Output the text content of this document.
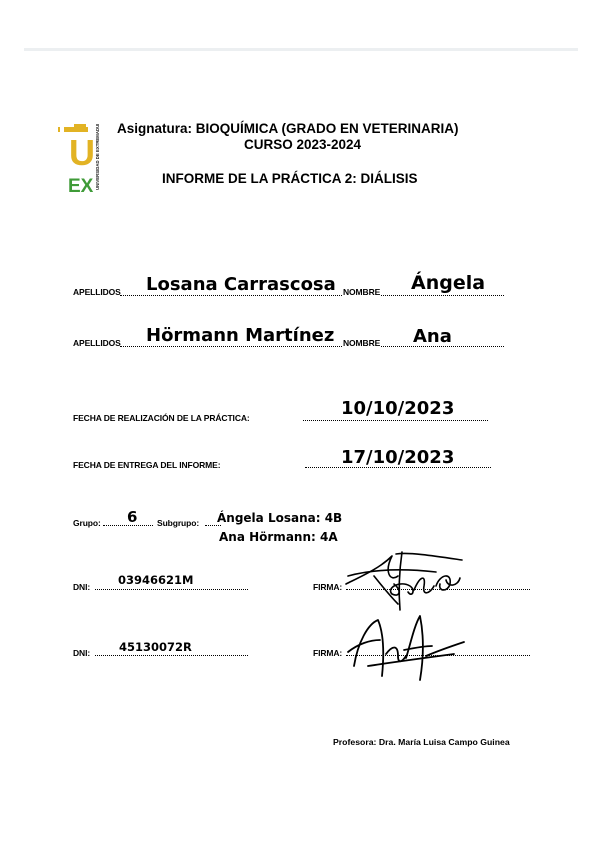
U
EX UNIVERSIDAD DE EXTREMADURA Asignatura: BIOQUÍMICA (GRADO EN VETERINARIA)
CURSO 2023-2024
INFORME DE LA PRÁCTICA 2: DIÁLISIS
APELLIDOS Losana Carrascosa NOMBRE Ángela
APELLIDOS Hörmann Martínez NOMBRE Ana
FECHA DE REALIZACIÓN DE LA PRÁCTICA:	10/10/2023
FECHA DE ENTREGA DEL INFORME:	17/10/2023
Grupo: 6 Subgrupo: Ángela Losana: 4B
Ana Hörmann: 4A
DNI: 03946621M	FIRMA:
DNI:	45130072R	FIRMA:
Profesora: Dra. María Luisa Campo Guinea
